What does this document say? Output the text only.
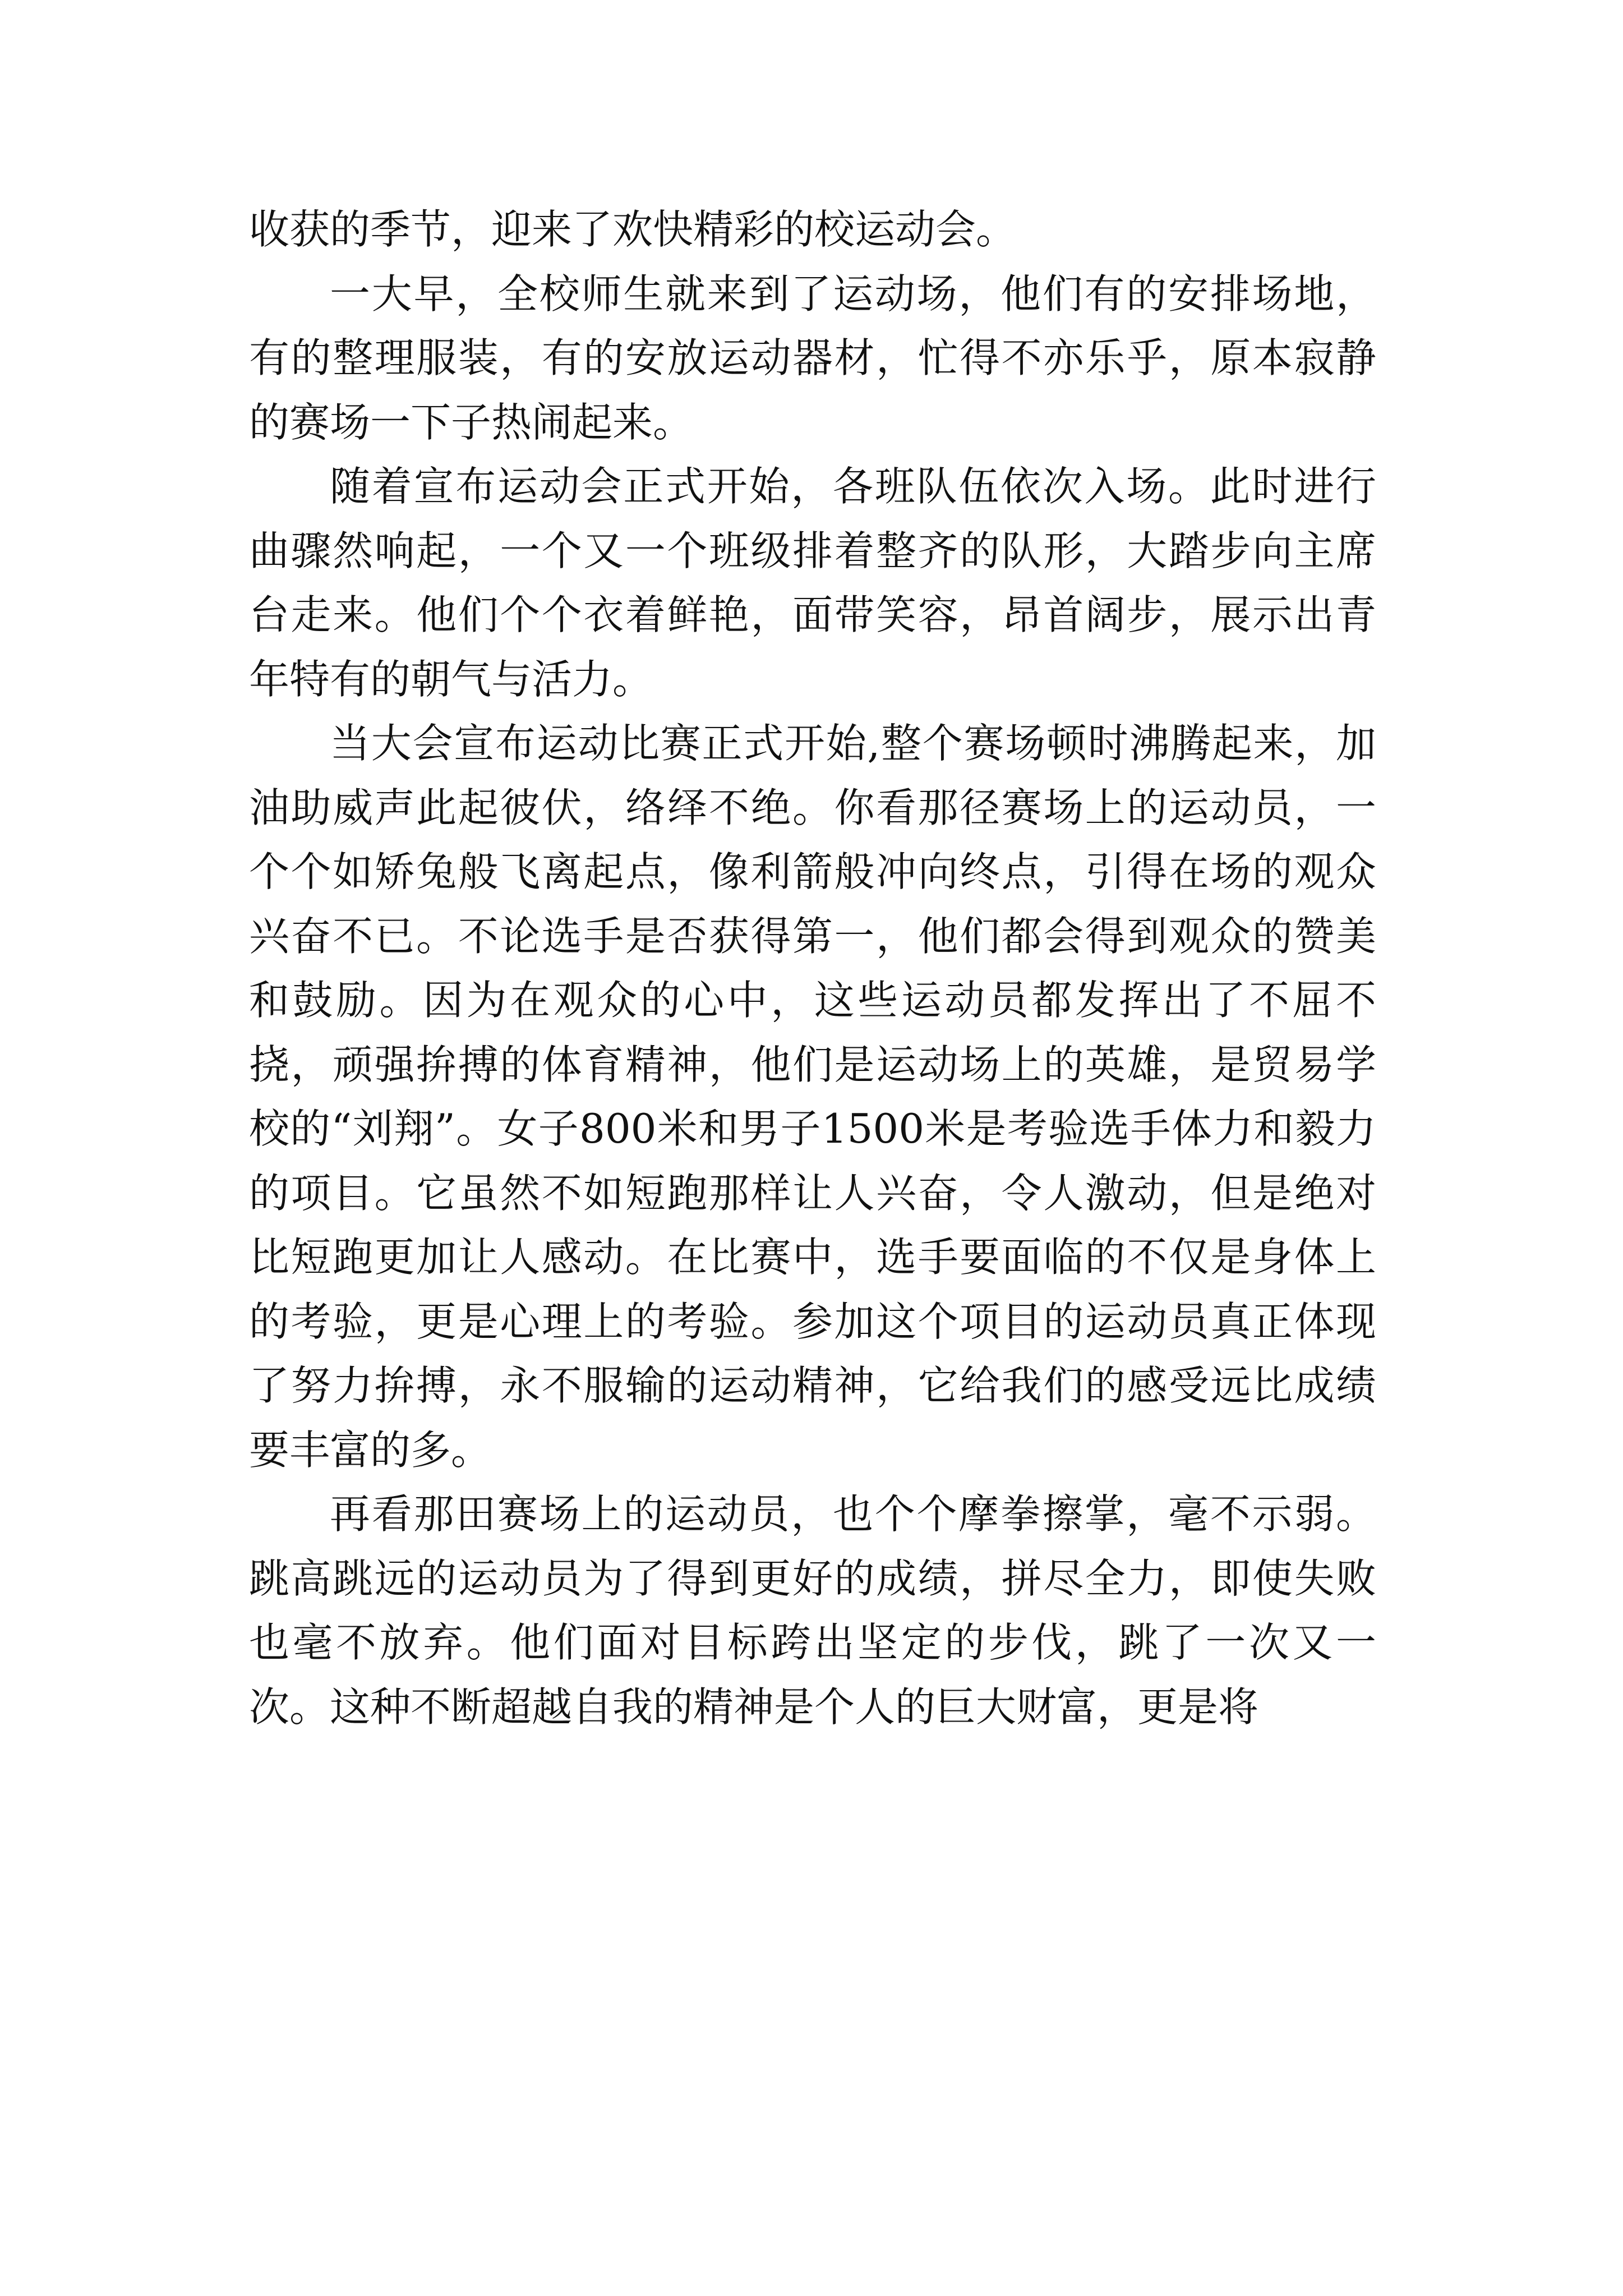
收获的季节，迎来了欢快精彩的校运动会。

一大早，全校师生就来到了运动场，他们有的安排场地，有的整理服装，有的安放运动器材，忙得不亦乐乎，原本寂静的赛场一下子热闹起来。

随着宣布运动会正式开始，各班队伍依次入场。此时进行曲骤然响起，一个又一个班级排着整齐的队形，大踏步向主席台走来。他们个个衣着鲜艳，面带笑容，昂首阔步，展示出青年特有的朝气与活力。

当大会宣布运动比赛正式开始,整个赛场顿时沸腾起来，加油助威声此起彼伏，络绎不绝。你看那径赛场上的运动员，一个个如矫兔般飞离起点，像利箭般冲向终点，引得在场的观众兴奋不已。不论选手是否获得第一，他们都会得到观众的赞美和鼓励。因为在观众的心中，这些运动员都发挥出了不屈不挠，顽强拚搏的体育精神，他们是运动场上的英雄，是贸易学校的“刘翔”。女子800米和男子1500米是考验选手体力和毅力的项目。它虽然不如短跑那样让人兴奋，令人激动，但是绝对比短跑更加让人感动。在比赛中，选手要面临的不仅是身体上的考验，更是心理上的考验。参加这个项目的运动员真正体现了努力拚搏，永不服输的运动精神，它给我们的感受远比成绩要丰富的多。

再看那田赛场上的运动员，也个个摩拳擦掌，毫不示弱。跳高跳远的运动员为了得到更好的成绩，拼尽全力，即使失败也毫不放弃。他们面对目标跨出坚定的步伐，跳了一次又一次。这种不断超越自我的精神是个人的巨大财富，更是将
